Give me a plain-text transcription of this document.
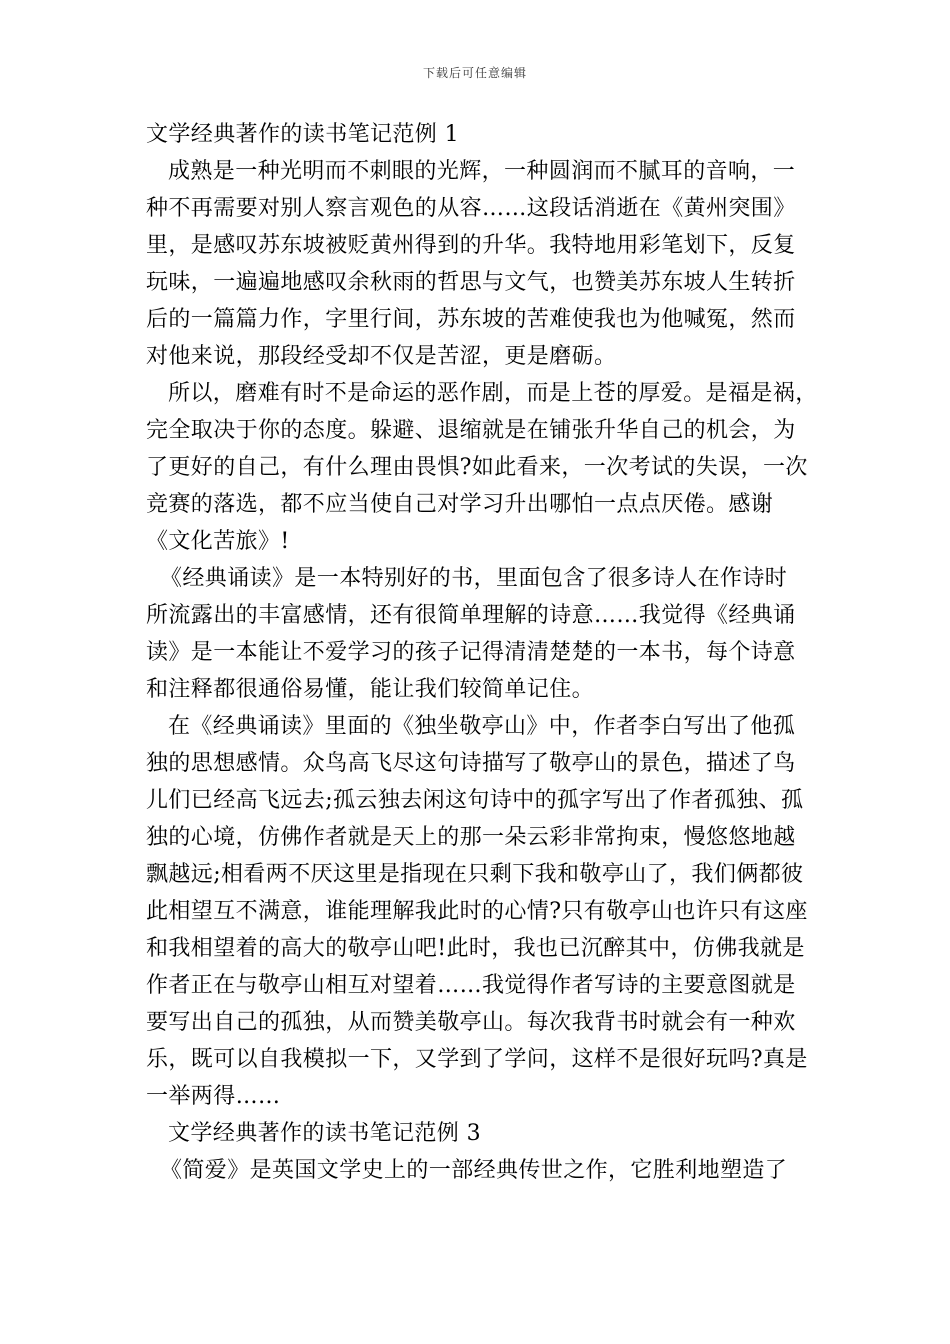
下载后可任意编辑
文学经典著作的读书笔记范例 1
成熟是一种光明而不刺眼的光辉，一种圆润而不腻耳的音响，一
种不再需要对别人察言观色的从容……这段话消逝在《黄州突围》
里，是感叹苏东坡被贬黄州得到的升华。我特地用彩笔划下，反复
玩味，一遍遍地感叹余秋雨的哲思与文气，也赞美苏东坡人生转折
后的一篇篇力作，字里行间，苏东坡的苦难使我也为他喊冤，然而
对他来说，那段经受却不仅是苦涩，更是磨砺。
所以，磨难有时不是命运的恶作剧，而是上苍的厚爱。是福是祸，
完全取决于你的态度。躲避、退缩就是在铺张升华自己的机会，为
了更好的自己，有什么理由畏惧?如此看来，一次考试的失误，一次
竞赛的落选，都不应当使自己对学习升出哪怕一点点厌倦。感谢
《文化苦旅》!
《经典诵读》是一本特别好的书，里面包含了很多诗人在作诗时
所流露出的丰富感情，还有很简单理解的诗意……我觉得《经典诵
读》是一本能让不爱学习的孩子记得清清楚楚的一本书，每个诗意
和注释都很通俗易懂，能让我们较简单记住。
在《经典诵读》里面的《独坐敬亭山》中，作者李白写出了他孤
独的思想感情。众鸟高飞尽这句诗描写了敬亭山的景色，描述了鸟
儿们已经高飞远去;孤云独去闲这句诗中的孤字写出了作者孤独、孤
独的心境，仿佛作者就是天上的那一朵云彩非常拘束，慢悠悠地越
飘越远;相看两不厌这里是指现在只剩下我和敬亭山了，我们俩都彼
此相望互不满意，谁能理解我此时的心情?只有敬亭山也许只有这座
和我相望着的高大的敬亭山吧!此时，我也已沉醉其中，仿佛我就是
作者正在与敬亭山相互对望着……我觉得作者写诗的主要意图就是
要写出自己的孤独，从而赞美敬亭山。每次我背书时就会有一种欢
乐，既可以自我模拟一下，又学到了学问，这样不是很好玩吗?真是
一举两得……
文学经典著作的读书笔记范例 3
《简爱》是英国文学史上的一部经典传世之作，它胜利地塑造了
